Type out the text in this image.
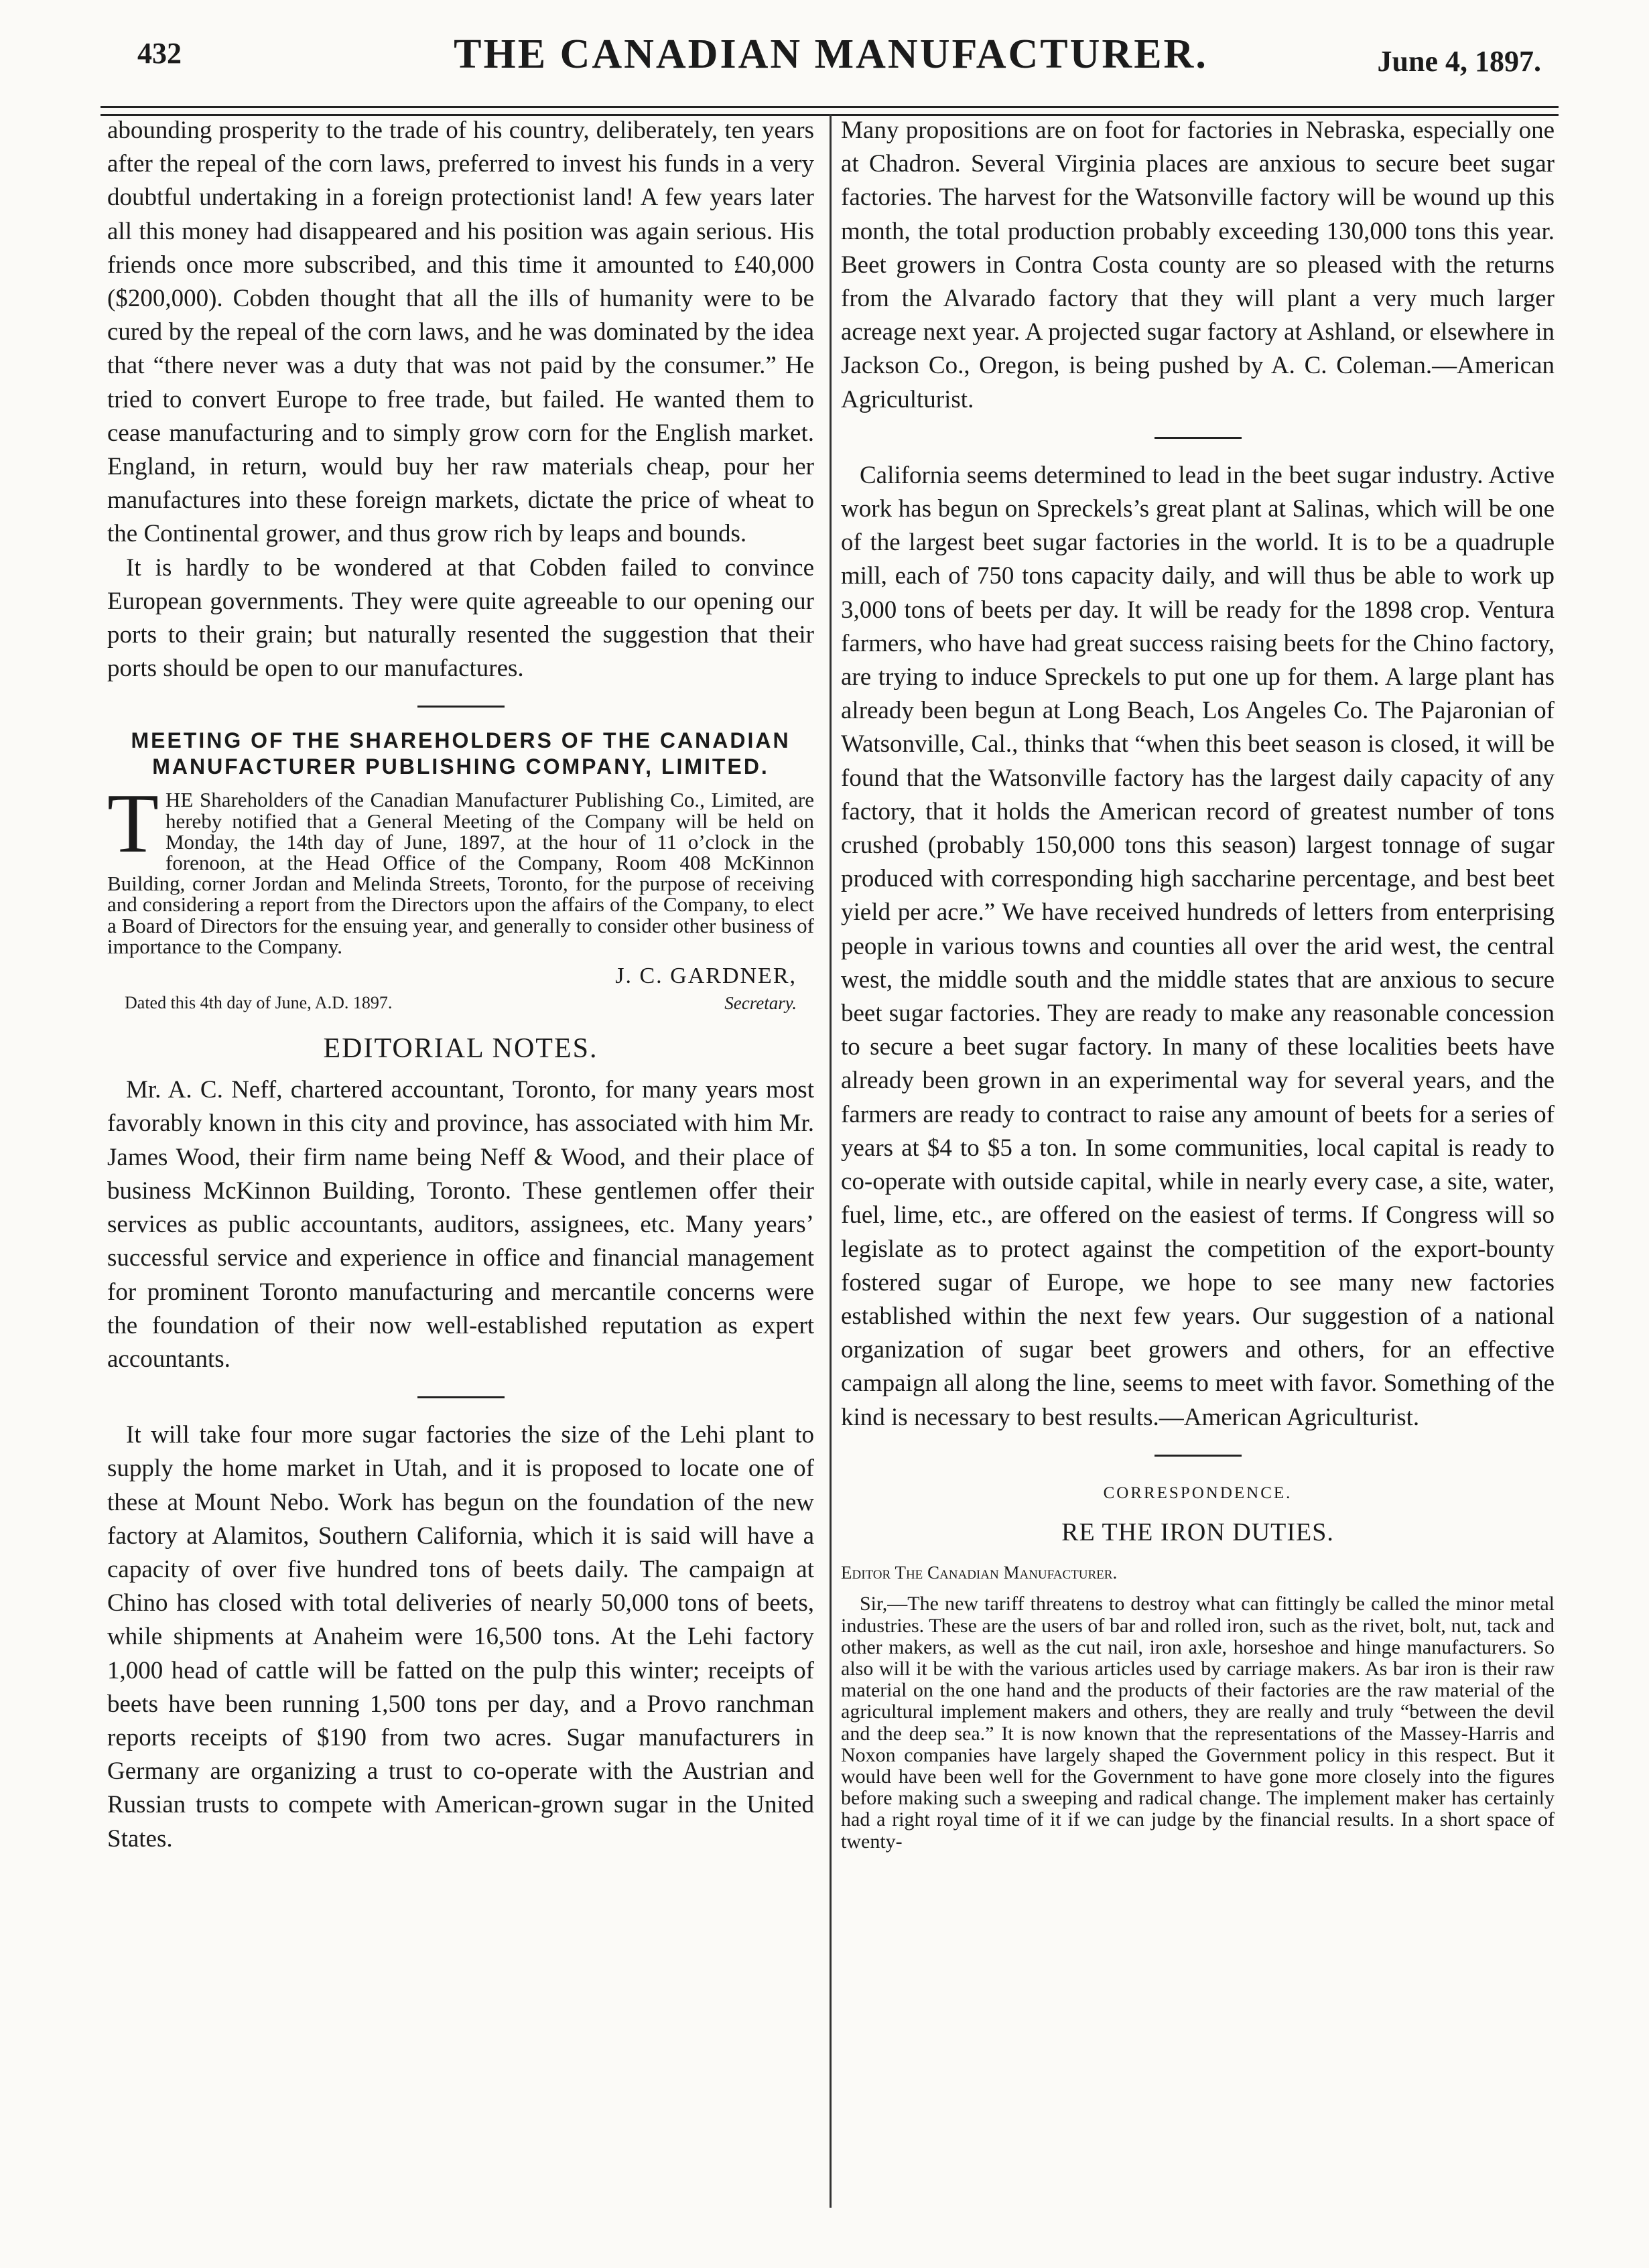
432	THE CANADIAN MANUFACTURER.	June 4, 1897.

abounding prosperity to the trade of his country, deliberately, ten years after the repeal of the corn laws, preferred to invest his funds in a very doubtful undertaking in a foreign protectionist land! A few years later all this money had disappeared and his position was again serious. His friends once more subscribed, and this time it amounted to £40,000 ($200,000). Cobden thought that all the ills of humanity were to be cured by the repeal of the corn laws, and he was dominated by the idea that “there never was a duty that was not paid by the consumer.” He tried to convert Europe to free trade, but failed. He wanted them to cease manufacturing and to simply grow corn for the English market. England, in return, would buy her raw materials cheap, pour her manufactures into these foreign markets, dictate the price of wheat to the Continental grower, and thus grow rich by leaps and bounds.

It is hardly to be wondered at that Cobden failed to convince European governments. They were quite agreeable to our opening our ports to their grain; but naturally resented the suggestion that their ports should be open to our manufactures.

MEETING OF THE SHAREHOLDERS OF THE CANADIAN MANUFACTURER PUBLISHING COMPANY, LIMITED.

THE Shareholders of the Canadian Manufacturer Publishing Co., Limited, are hereby notified that a General Meeting of the Company will be held on Monday, the 14th day of June, 1897, at the hour of 11 o’clock in the forenoon, at the Head Office of the Company, Room 408 McKinnon Building, corner Jordan and Melinda Streets, Toronto, for the purpose of receiving and considering a report from the Directors upon the affairs of the Company, to elect a Board of Directors for the ensuing year, and generally to consider other business of importance to the Company.

J. C. GARDNER,
Dated this 4th day of June, A.D. 1897.	Secretary.
EDITORIAL NOTES.

Mr. A. C. Neff, chartered accountant, Toronto, for many years most favorably known in this city and province, has associated with him Mr. James Wood, their firm name being Neff & Wood, and their place of business McKinnon Building, Toronto. These gentlemen offer their services as public accountants, auditors, assignees, etc. Many years’ successful service and experience in office and financial management for prominent Toronto manufacturing and mercantile concerns were the foundation of their now well-established reputation as expert accountants.

It will take four more sugar factories the size of the Lehi plant to supply the home market in Utah, and it is proposed to locate one of these at Mount Nebo. Work has begun on the foundation of the new factory at Alamitos, Southern California, which it is said will have a capacity of over five hundred tons of beets daily. The campaign at Chino has closed with total deliveries of nearly 50,000 tons of beets, while shipments at Anaheim were 16,500 tons. At the Lehi factory 1,000 head of cattle will be fatted on the pulp this winter; receipts of beets have been running 1,500 tons per day, and a Provo ranchman reports receipts of $190 from two acres. Sugar manufacturers in Germany are organizing a trust to co-operate with the Austrian and Russian trusts to compete with American-grown sugar in the United States.

Many propositions are on foot for factories in Nebraska, especially one at Chadron. Several Virginia places are anxious to secure beet sugar factories. The harvest for the Watsonville factory will be wound up this month, the total production probably exceeding 130,000 tons this year. Beet growers in Contra Costa county are so pleased with the returns from the Alvarado factory that they will plant a very much larger acreage next year. A projected sugar factory at Ashland, or elsewhere in Jackson Co., Oregon, is being pushed by A. C. Coleman.—American Agriculturist.

California seems determined to lead in the beet sugar industry. Active work has begun on Spreckels’s great plant at Salinas, which will be one of the largest beet sugar factories in the world. It is to be a quadruple mill, each of 750 tons capacity daily, and will thus be able to work up 3,000 tons of beets per day. It will be ready for the 1898 crop. Ventura farmers, who have had great success raising beets for the Chino factory, are trying to induce Spreckels to put one up for them. A large plant has already been begun at Long Beach, Los Angeles Co. The Pajaronian of Watsonville, Cal., thinks that “when this beet season is closed, it will be found that the Watsonville factory has the largest daily capacity of any factory, that it holds the American record of greatest number of tons crushed (probably 150,000 tons this season) largest tonnage of sugar produced with corresponding high saccharine percentage, and best beet yield per acre.” We have received hundreds of letters from enterprising people in various towns and counties all over the arid west, the central west, the middle south and the middle states that are anxious to secure beet sugar factories. They are ready to make any reasonable concession to secure a beet sugar factory. In many of these localities beets have already been grown in an experimental way for several years, and the farmers are ready to contract to raise any amount of beets for a series of years at $4 to $5 a ton. In some communities, local capital is ready to co-operate with outside capital, while in nearly every case, a site, water, fuel, lime, etc., are offered on the easiest of terms. If Congress will so legislate as to protect against the competition of the export-bounty fostered sugar of Europe, we hope to see many new factories established within the next few years. Our suggestion of a national organization of sugar beet growers and others, for an effective campaign all along the line, seems to meet with favor. Something of the kind is necessary to best results.—American Agriculturist.

CORRESPONDENCE.
RE THE IRON DUTIES.
Editor The Canadian Manufacturer.

Sir,—The new tariff threatens to destroy what can fittingly be called the minor metal industries. These are the users of bar and rolled iron, such as the rivet, bolt, nut, tack and other makers, as well as the cut nail, iron axle, horseshoe and hinge manufacturers. So also will it be with the various articles used by carriage makers. As bar iron is their raw material on the one hand and the products of their factories are the raw material of the agricultural implement makers and others, they are really and truly “between the devil and the deep sea.” It is now known that the representations of the Massey-Harris and Noxon companies have largely shaped the Government policy in this respect. But it would have been well for the Government to have gone more closely into the figures before making such a sweeping and radical change. The implement maker has certainly had a right royal time of it if we can judge by the financial results. In a short space of twenty-
